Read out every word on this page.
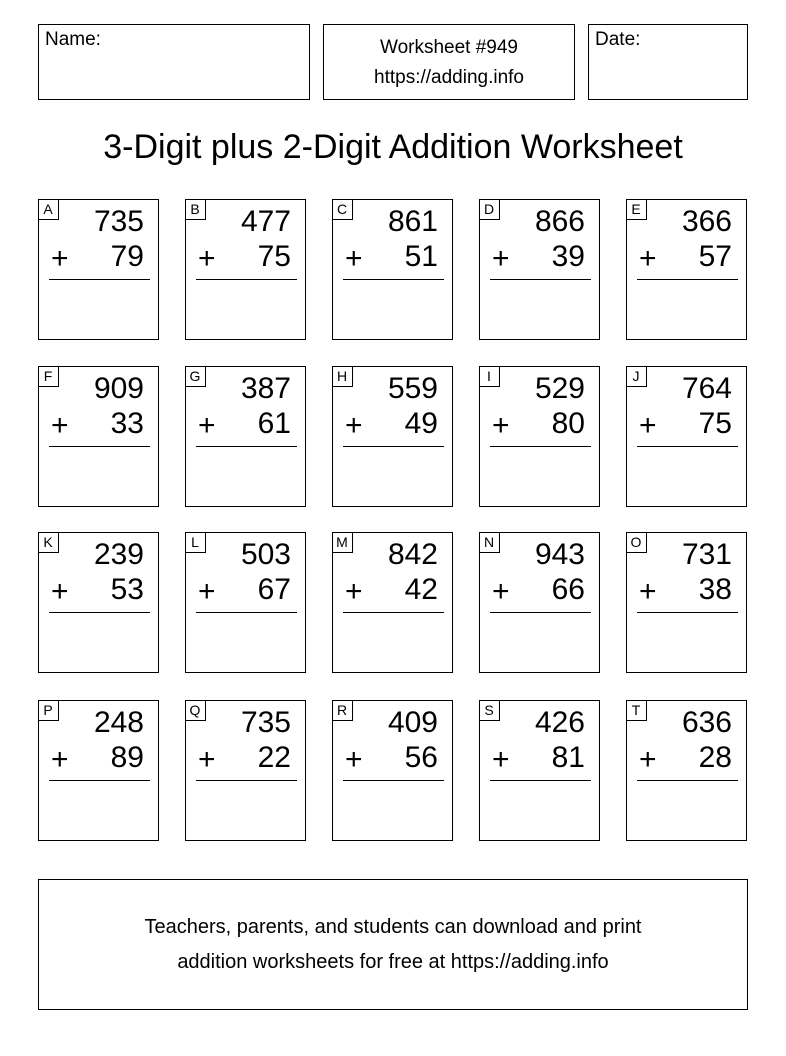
Name:	Worksheet #949
https://adding.info
Date:
3-Digit plus 2-Digit Addition Worksheet
A 735
+ 79
B 477
+ 75
C 861
+ 51
D 866
+ 39
E 366
+ 57
F 909
+ 33
G 387
+ 61
H 559
+ 49
I 529
+ 80
J 764
+ 75
K 239
+ 53
L 503
+ 67
M 842
+ 42
N 943
+ 66
O 731
+ 38
P 248
+ 89
Q 735
+ 22
R 409
+ 56
S 426
+ 81
T 636
+ 28
Teachers, parents, and students can download and print
addition worksheets for free at https://adding.info
